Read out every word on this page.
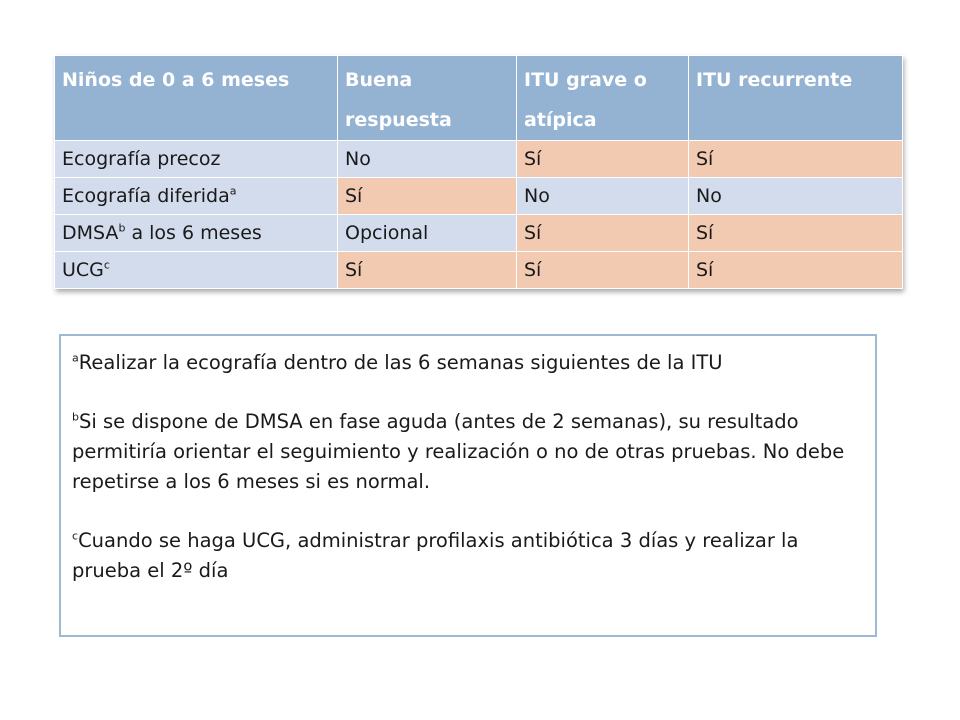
Niños de 0 a 6 meses	Buena respuesta	ITU grave o atípica	ITU recurrente
Ecografía precoz	No	Sí	Sí
Ecografía diferida$^a$	Sí	No	No
DMSA$^b$ a los 6 meses	Opcional	Sí	Sí
UCG$^c$	Sí	Sí	Sí

$^a$Realizar la ecografía dentro de las 6 semanas siguientes de la ITU

$^b$Si se dispone de DMSA en fase aguda (antes de 2 semanas), su resultado permitiría orientar el seguimiento y realización o no de otras pruebas. No debe repetirse a los 6 meses si es normal.

$^c$Cuando se haga UCG, administrar profilaxis antibiótica 3 días y realizar la prueba el 2º día
